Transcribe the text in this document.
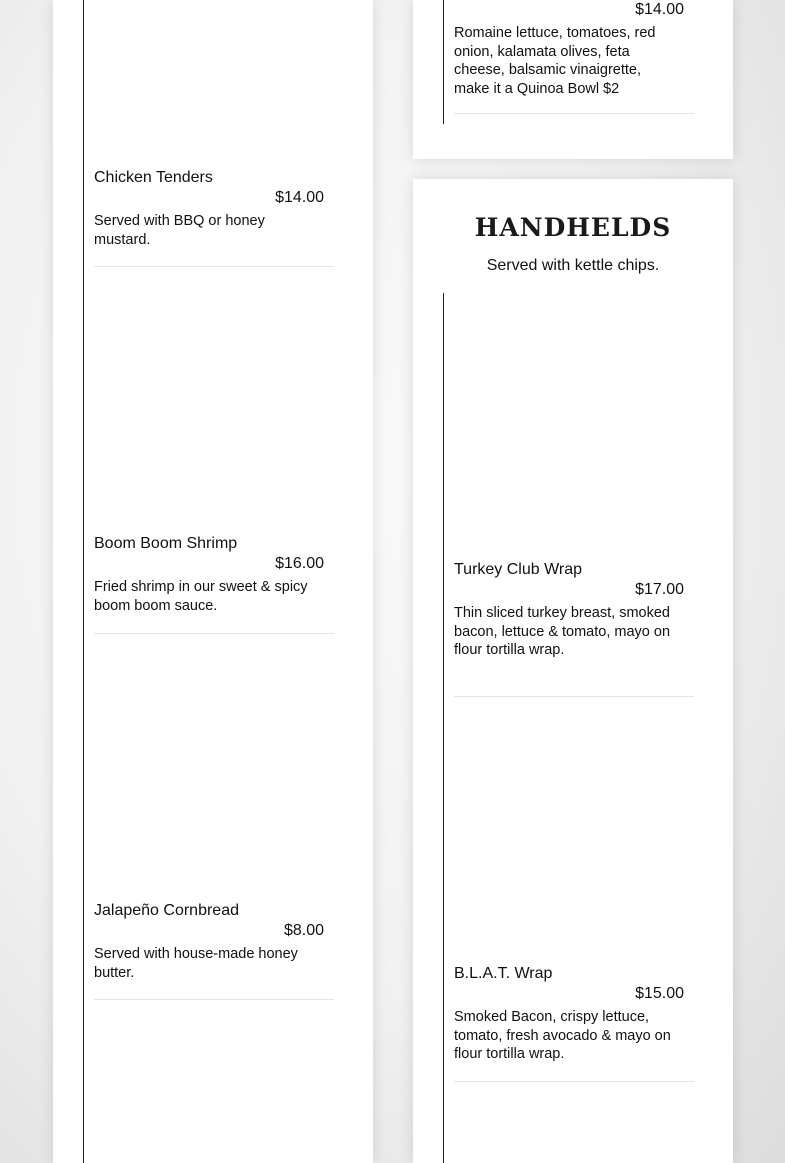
Chicken Tenders
$14.00
Served with BBQ or honey mustard.
Boom Boom Shrimp
$16.00
Fried shrimp in our sweet & spicy boom boom sauce.
Jalapeño Cornbread
$8.00
Served with house-made honey butter.
$14.00
Romaine lettuce, tomatoes, red onion, kalamata olives, feta cheese, balsamic vinaigrette, make it a Quinoa Bowl $2
HANDHELDS
Served with kettle chips.
Turkey Club Wrap
$17.00
Thin sliced turkey breast, smoked bacon, lettuce & tomato, mayo on flour tortilla wrap.
B.L.A.T. Wrap
$15.00
Smoked Bacon, crispy lettuce, tomato, fresh avocado & mayo on flour tortilla wrap.
